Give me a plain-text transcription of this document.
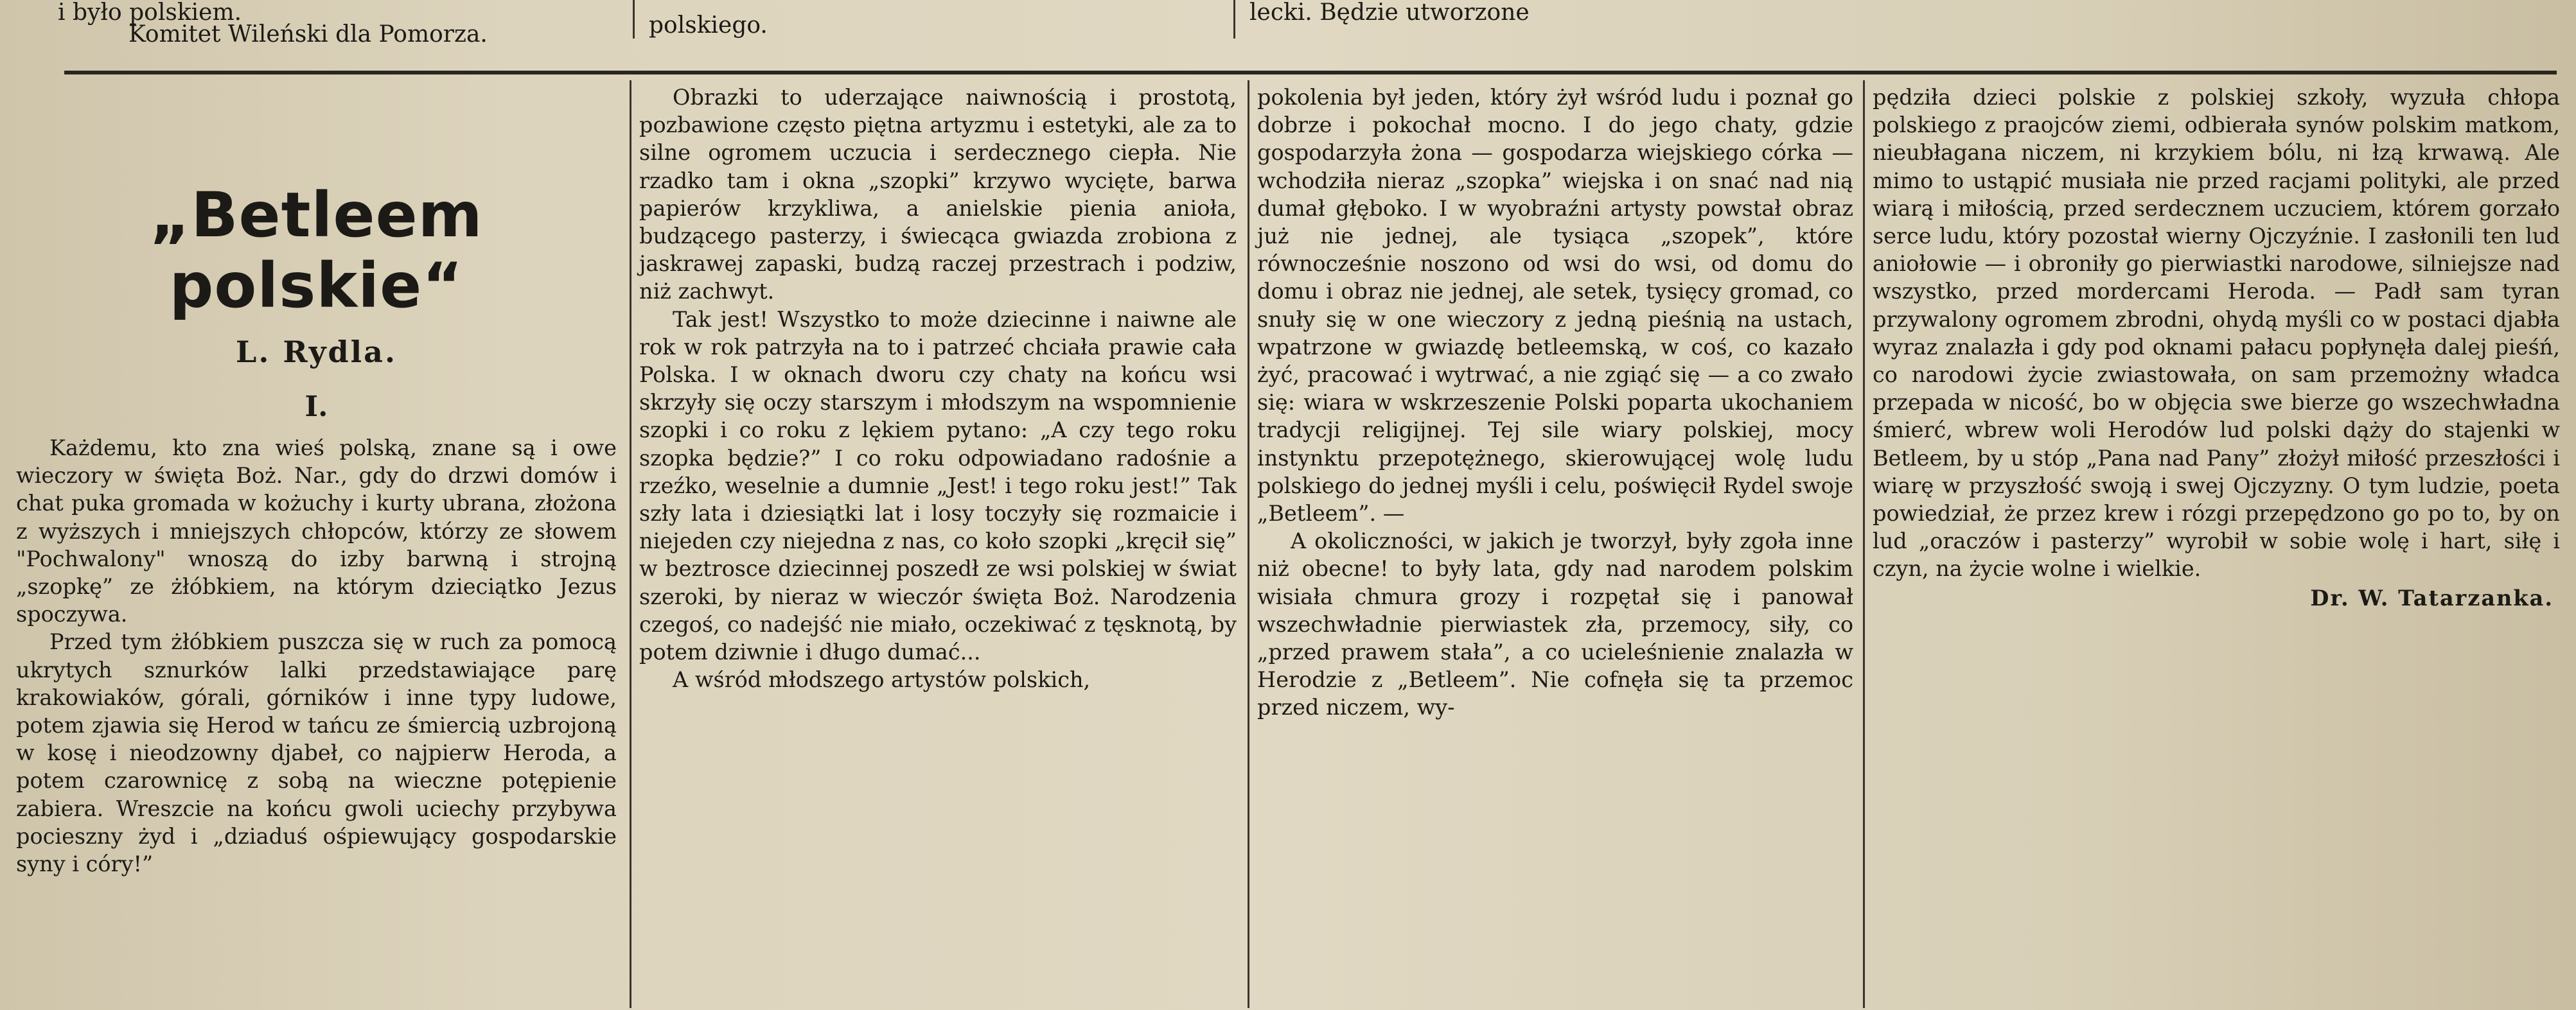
i było polskiem.
Komitet Wileński dla Pomorza.	polskiego.	lecki. Będzie utworzone
„Betleem polskie“
L. Rydla.
I.

Każdemu, kto zna wieś polską, znane są i owe wieczory w święta Boż. Nar., gdy do drzwi domów i chat puka gromada w kożuchy i kurty ubrana, złożona z wyższych i mniejszych chłopców, którzy ze słowem "Pochwalony" wnoszą do izby barwną i strojną „szopkę” ze żłóbkiem, na którym dzieciątko Jezus spoczywa.

Przed tym żłóbkiem puszcza się w ruch za pomocą ukrytych sznurków lalki przedstawiające parę krakowiaków, górali, górników i inne typy ludowe, potem zjawia się Herod w tańcu ze śmiercią uzbrojoną w kosę i nieodzowny djabeł, co najpierw Heroda, a potem czarownicę z sobą na wieczne potępienie zabiera. Wreszcie na końcu gwoli uciechy przybywa pocieszny żyd i „dziaduś ośpiewujący gospodarskie syny i córy!”

Obrazki to uderzające naiwnością i prostotą, pozbawione często piętna artyzmu i estetyki, ale za to silne ogromem uczucia i serdecznego ciepła. Nie rzadko tam i okna „szopki” krzywo wycięte, barwa papierów krzykliwa, a anielskie pienia anioła, budzącego pasterzy, i świecąca gwiazda zrobiona z jaskrawej zapaski, budzą raczej przestrach i podziw, niż zachwyt.

Tak jest! Wszystko to może dziecinne i naiwne ale rok w rok patrzyła na to i patrzeć chciała prawie cała Polska. I w oknach dworu czy chaty na końcu wsi skrzyły się oczy starszym i młodszym na wspomnienie szopki i co roku z lękiem pytano: „A czy tego roku szopka będzie?” I co roku odpowiadano radośnie a rzeźko, weselnie a dumnie „Jest! i tego roku jest!” Tak szły lata i dziesiątki lat i losy toczyły się rozmaicie i niejeden czy niejedna z nas, co koło szopki „kręcił się” w beztrosce dziecinnej poszedł ze wsi polskiej w świat szeroki, by nieraz w wieczór święta Boż. Narodzenia czegoś, co nadejść nie miało, oczekiwać z tęsknotą, by potem dziwnie i długo dumać...

A wśród młodszego artystów polskich,

pokolenia był jeden, który żył wśród ludu i poznał go dobrze i pokochał mocno. I do jego chaty, gdzie gospodarzyła żona — gospodarza wiejskiego córka — wchodziła nieraz „szopka” wiejska i on snać nad nią dumał głęboko. I w wyobraźni artysty powstał obraz już nie jednej, ale tysiąca „szopek”, które równocześnie noszono od wsi do wsi, od domu do domu i obraz nie jednej, ale setek, tysięcy gromad, co snuły się w one wieczory z jedną pieśnią na ustach, wpatrzone w gwiazdę betleemską, w coś, co kazało żyć, pracować i wytrwać, a nie zgiąć się — a co zwało się: wiara w wskrzeszenie Polski poparta ukochaniem tradycji religijnej. Tej sile wiary polskiej, mocy instynktu przepotężnego, skierowującej wolę ludu polskiego do jednej myśli i celu, poświęcił Rydel swoje „Betleem”. —

A okoliczności, w jakich je tworzył, były zgoła inne niż obecne! to były lata, gdy nad narodem polskim wisiała chmura grozy i rozpętał się i panował wszechwładnie pierwiastek zła, przemocy, siły, co „przed prawem stała”, a co ucieleśnienie znalazła w Herodzie z „Betleem”. Nie cofnęła się ta przemoc przed niczem, wy-

pędziła dzieci polskie z polskiej szkoły, wyzuła chłopa polskiego z praojców ziemi, odbierała synów polskim matkom, nieubłagana niczem, ni krzykiem bólu, ni łzą krwawą. Ale mimo to ustąpić musiała nie przed racjami polityki, ale przed wiarą i miłością, przed serdecznem uczuciem, którem gorzało serce ludu, który pozostał wierny Ojczyźnie. I zasłonili ten lud aniołowie — i obroniły go pierwiastki narodowe, silniejsze nad wszystko, przed mordercami Heroda. — Padł sam tyran przywalony ogromem zbrodni, ohydą myśli co w postaci djabła wyraz znalazła i gdy pod oknami pałacu popłynęła dalej pieśń, co narodowi życie zwiastowała, on sam przemożny władca przepada w nicość, bo w objęcia swe bierze go wszechwładna śmierć, wbrew woli Herodów lud polski dąży do stajenki w Betleem, by u stóp „Pana nad Pany” złożył miłość przeszłości i wiarę w przyszłość swoją i swej Ojczyzny. O tym ludzie, poeta powiedział, że przez krew i rózgi przepędzono go po to, by on lud „oraczów i pasterzy” wyrobił w sobie wolę i hart, siłę i czyn, na życie wolne i wielkie.

Dr. W. Tatarzanka.
